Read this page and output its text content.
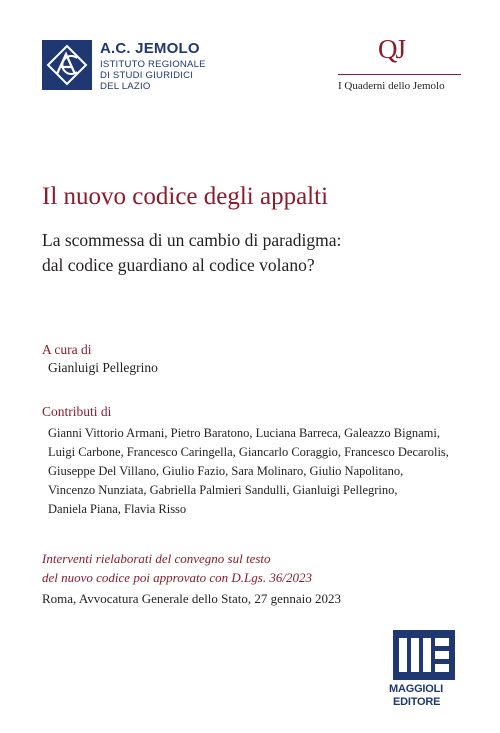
A.C. JEMOLO
ISTITUTO REGIONALE
DI STUDI GIURIDICI
DEL LAZIO
QJ
I Quaderni dello Jemolo
Il nuovo codice degli appalti
La scommessa di un cambio di paradigma:
dal codice guardiano al codice volano?
A cura di
Gianluigi Pellegrino
Contributi di
Gianni Vittorio Armani, Pietro Baratono, Luciana Barreca, Galeazzo Bignami,
Luigi Carbone, Francesco Caringella, Giancarlo Coraggio, Francesco Decarolis,
Giuseppe Del Villano, Giulio Fazio, Sara Molinaro, Giulio Napolitano,
Vincenzo Nunziata, Gabriella Palmieri Sandulli, Gianluigi Pellegrino,
Daniela Piana, Flavia Risso
Interventi rielaborati del convegno sul testo
del nuovo codice poi approvato con D.Lgs. 36/2023
Roma, Avvocatura Generale dello Stato, 27 gennaio 2023
MAGGIOLI
EDITORE
